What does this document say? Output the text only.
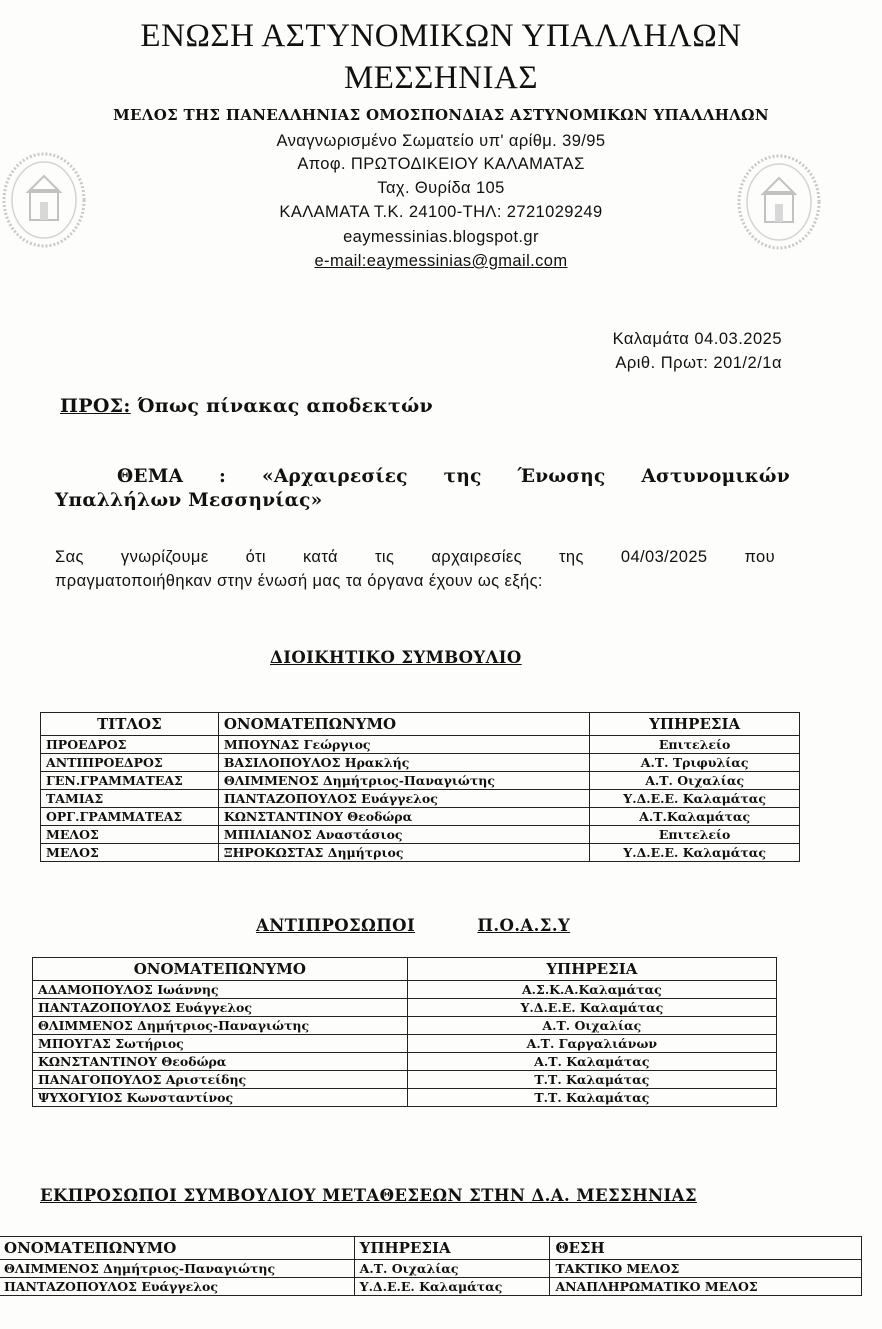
ΕΝΩΣΗ ΑΣΤΥΝΟΜΙΚΩΝ ΥΠΑΛΛΗΛΩΝ
ΜΕΣΣΗΝΙΑΣ
ΜΕΛΟΣ ΤΗΣ ΠΑΝΕΛΛΗΝΙΑΣ ΟΜΟΣΠΟΝΔΙΑΣ ΑΣΤΥΝΟΜΙΚΩΝ ΥΠΑΛΛΗΛΩΝ
Αναγνωρισμένο Σωματείο υπ' αρίθμ. 39/95
Αποφ. ΠΡΩΤΟΔΙΚΕΙΟΥ ΚΑΛΑΜΑΤΑΣ
Ταχ. Θυρίδα 105
ΚΑΛΑΜΑΤΑ Τ.Κ. 24100-ΤΗΛ: 2721029249
eaymessinias.blogspot.gr
e-mail:eaymessinias@gmail.com
Καλαμάτα 04.03.2025
Αριθ. Πρωτ: 201/2/1α
ΠΡΟΣ: Όπως πίνακας αποδεκτών
ΘΕΜΑ : «Αρχαιρεσίες της Ένωσης Αστυνομικών
Υπαλλήλων Μεσσηνίας»
Σας γνωρίζουμε ότι κατά τις αρχαιρεσίες της 04/03/2025 που
πραγματοποιήθηκαν στην ένωσή μας τα όργανα έχουν ως εξής:
ΔΙΟΙΚΗΤΙΚΟ ΣΥΜΒΟΥΛΙΟ
ΤΙΤΛΟΣ	ΟΝΟΜΑΤΕΠΩΝΥΜΟ	ΥΠΗΡΕΣΙΑ
ΠΡΟΕΔΡΟΣ	ΜΠΟΥΝΑΣ Γεώργιος	Επιτελείο
ΑΝΤΙΠΡΟΕΔΡΟΣ	ΒΑΣΙΛΟΠΟΥΛΟΣ Ηρακλής	Α.Τ. Τριφυλίας
ΓΕΝ.ΓΡΑΜΜΑΤΕΑΣ	ΘΛΙΜΜΕΝΟΣ Δημήτριος-Παναγιώτης	Α.Τ. Οιχαλίας
ΤΑΜΙΑΣ	ΠΑΝΤΑΖΟΠΟΥΛΟΣ Ευάγγελος	Υ.Δ.Ε.Ε. Καλαμάτας
ΟΡΓ.ΓΡΑΜΜΑΤΕΑΣ	ΚΩΝΣΤΑΝΤΙΝΟΥ Θεοδώρα	Α.Τ.Καλαμάτας
ΜΕΛΟΣ	ΜΠΙΛΙΑΝΟΣ Αναστάσιος	Επιτελείο
ΜΕΛΟΣ	ΞΗΡΟΚΩΣΤΑΣ Δημήτριος	Υ.Δ.Ε.Ε. Καλαμάτας
ΑΝΤΙΠΡΟΣΩΠΟΙ	Π.Ο.Α.Σ.Υ
ΟΝΟΜΑΤΕΠΩΝΥΜΟ	ΥΠΗΡΕΣΙΑ
ΑΔΑΜΟΠΟΥΛΟΣ Ιωάννης	Α.Σ.Κ.Α.Καλαμάτας
ΠΑΝΤΑΖΟΠΟΥΛΟΣ Ευάγγελος	Υ.Δ.Ε.Ε. Καλαμάτας
ΘΛΙΜΜΕΝΟΣ Δημήτριος-Παναγιώτης	Α.Τ. Οιχαλίας
ΜΠΟΥΓΑΣ Σωτήριος	Α.Τ. Γαργαλιάνων
ΚΩΝΣΤΑΝΤΙΝΟΥ Θεοδώρα	Α.Τ. Καλαμάτας
ΠΑΝΑΓΟΠΟΥΛΟΣ Αριστείδης	Τ.Τ. Καλαμάτας
ΨΥΧΟΓΥΙΟΣ Κωνσταντίνος	Τ.Τ. Καλαμάτας
ΕΚΠΡΟΣΩΠΟΙ ΣΥΜΒΟΥΛΙΟΥ ΜΕΤΑΘΕΣΕΩΝ ΣΤΗΝ Δ.Α. ΜΕΣΣΗΝΙΑΣ
ΟΝΟΜΑΤΕΠΩΝΥΜΟ	ΥΠΗΡΕΣΙΑ	ΘΕΣΗ
ΘΛΙΜΜΕΝΟΣ Δημήτριος-Παναγιώτης	Α.Τ. Οιχαλίας	ΤΑΚΤΙΚΟ ΜΕΛΟΣ
ΠΑΝΤΑΖΟΠΟΥΛΟΣ Ευάγγελος	Υ.Δ.Ε.Ε. Καλαμάτας	ΑΝΑΠΛΗΡΩΜΑΤΙΚΟ ΜΕΛΟΣ
